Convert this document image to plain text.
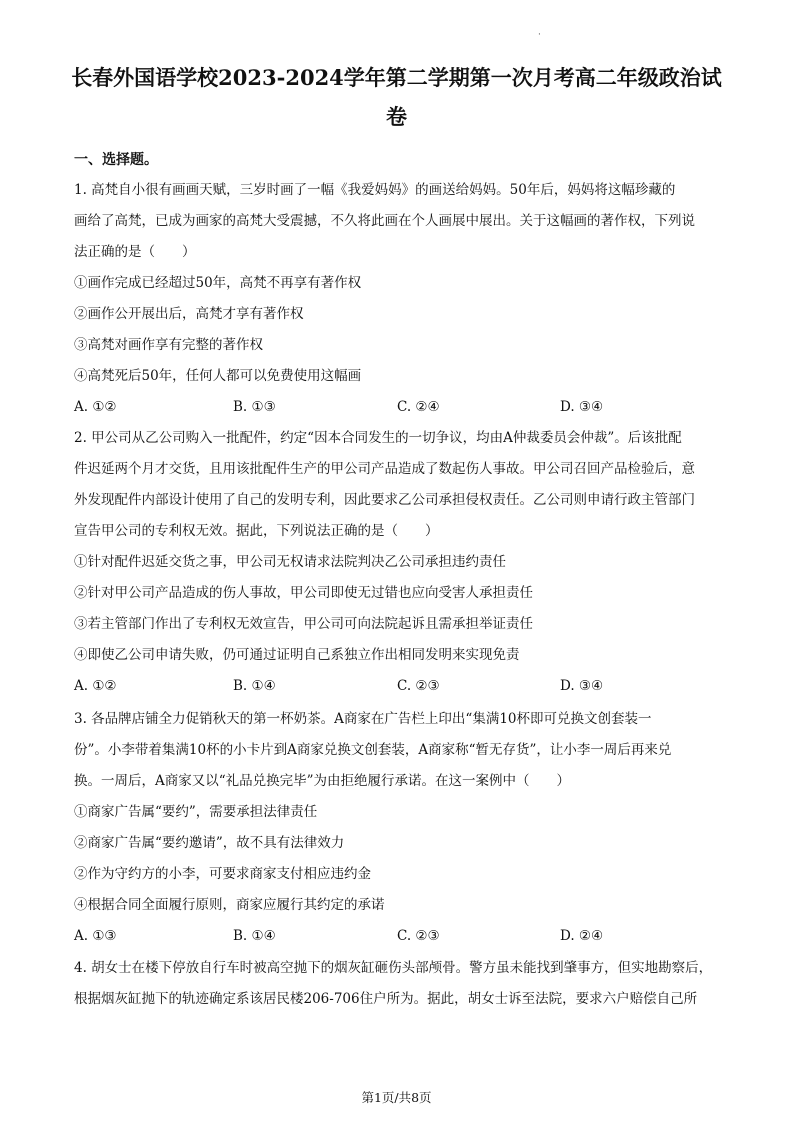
·
长春外国语学校2023-2024学年第二学期第一次月考高二年级政治试
卷
一、选择题。
1. 高梵自小很有画画天赋，三岁时画了一幅《我爱妈妈》的画送给妈妈。50年后，妈妈将这幅珍藏的
画给了高梵，已成为画家的高梵大受震撼，不久将此画在个人画展中展出。关于这幅画的著作权，下列说
法正确的是（　　）
①画作完成已经超过50年，高梵不再享有著作权
②画作公开展出后，高梵才享有著作权
③高梵对画作享有完整的著作权
④高梵死后50年，任何人都可以免费使用这幅画
A. ①②	B. ①③	C. ②④	D. ③④
2. 甲公司从乙公司购入一批配件，约定“因本合同发生的一切争议，均由A仲裁委员会仲裁”。后该批配
件迟延两个月才交货，且用该批配件生产的甲公司产品造成了数起伤人事故。甲公司召回产品检验后，意
外发现配件内部设计使用了自己的发明专利，因此要求乙公司承担侵权责任。乙公司则申请行政主管部门
宣告甲公司的专利权无效。据此，下列说法正确的是（　　）
①针对配件迟延交货之事，甲公司无权请求法院判决乙公司承担违约责任
②针对甲公司产品造成的伤人事故，甲公司即使无过错也应向受害人承担责任
③若主管部门作出了专利权无效宣告，甲公司可向法院起诉且需承担举证责任
④即使乙公司申请失败，仍可通过证明自己系独立作出相同发明来实现免责
A. ①②	B. ①④	C. ②③	D. ③④
3. 各品牌店铺全力促销秋天的第一杯奶茶。A商家在广告栏上印出“集满10杯即可兑换文创套装一
份”。小李带着集满10杯的小卡片到A商家兑换文创套装，A商家称“暂无存货”，让小李一周后再来兑
换。一周后，A商家又以“礼品兑换完毕”为由拒绝履行承诺。在这一案例中（　　）
①商家广告属“要约”，需要承担法律责任
②商家广告属“要约邀请”，故不具有法律效力
②作为守约方的小李，可要求商家支付相应违约金
④根据合同全面履行原则，商家应履行其约定的承诺
A. ①③	B. ①④	C. ②③	D. ②④
4. 胡女士在楼下停放自行车时被高空抛下的烟灰缸砸伤头部颅骨。警方虽未能找到肇事方，但实地勘察后，
根据烟灰缸抛下的轨迹确定系该居民楼206-706住户所为。据此，胡女士诉至法院，要求六户赔偿自己所
第1页/共8页
